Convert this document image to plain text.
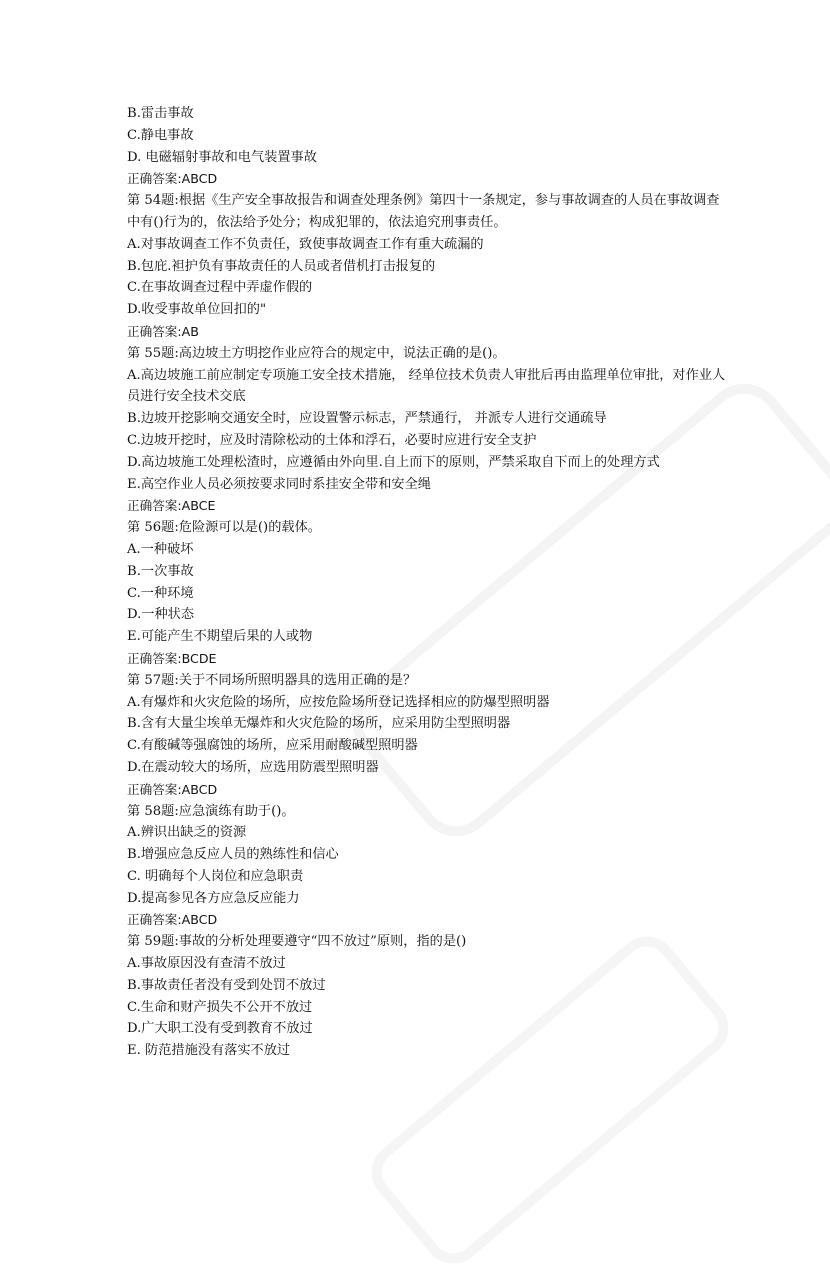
B.雷击事故

C.静电事故

D. 电磁辐射事故和电气装置事故

正确答案:ABCD

第 54题:根据《生产安全事故报告和调查处理条例》第四十一条规定，参与事故调查的人员在事故调查中有()行为的，依法给予处分；构成犯罪的，依法追究刑事责任。

A.对事故调查工作不负责任，致使事故调查工作有重大疏漏的

B.包庇.袒护负有事故责任的人员或者借机打击报复的

C.在事故调查过程中弄虚作假的

D.收受事故单位回扣的"

正确答案:AB

第 55题:高边坡土方明挖作业应符合的规定中，说法正确的是()。

A.高边坡施工前应制定专项施工安全技术措施， 经单位技术负责人审批后再由监理单位审批，对作业人员进行安全技术交底

B.边坡开挖影响交通安全时，应设置警示标志，严禁通行， 并派专人进行交通疏导

C.边坡开挖时，应及时清除松动的土体和浮石，必要时应进行安全支护

D.高边坡施工处理松渣时，应遵循由外向里.自上而下的原则，严禁采取自下而上的处理方式

E.高空作业人员必须按要求同时系挂安全带和安全绳

正确答案:ABCE

第 56题:危险源可以是()的载体。

A.一种破坏

B.一次事故

C.一种环境

D.一种状态

E.可能产生不期望后果的人或物

正确答案:BCDE

第 57题:关于不同场所照明器具的选用正确的是？

A.有爆炸和火灾危险的场所，应按危险场所登记选择相应的防爆型照明器

B.含有大量尘埃单无爆炸和火灾危险的场所，应采用防尘型照明器

C.有酸碱等强腐蚀的场所，应采用耐酸碱型照明器

D.在震动较大的场所，应选用防震型照明器

正确答案:ABCD

第 58题:应急演练有助于()。

A.辨识出缺乏的资源

B.增强应急反应人员的熟练性和信心

C. 明确每个人岗位和应急职责

D.提高参见各方应急反应能力

正确答案:ABCD

第 59题:事故的分析处理要遵守“四不放过”原则，指的是()

A.事故原因没有查清不放过

B.事故责任者没有受到处罚不放过

C.生命和财产损失不公开不放过

D.广大职工没有受到教育不放过

E. 防范措施没有落实不放过
